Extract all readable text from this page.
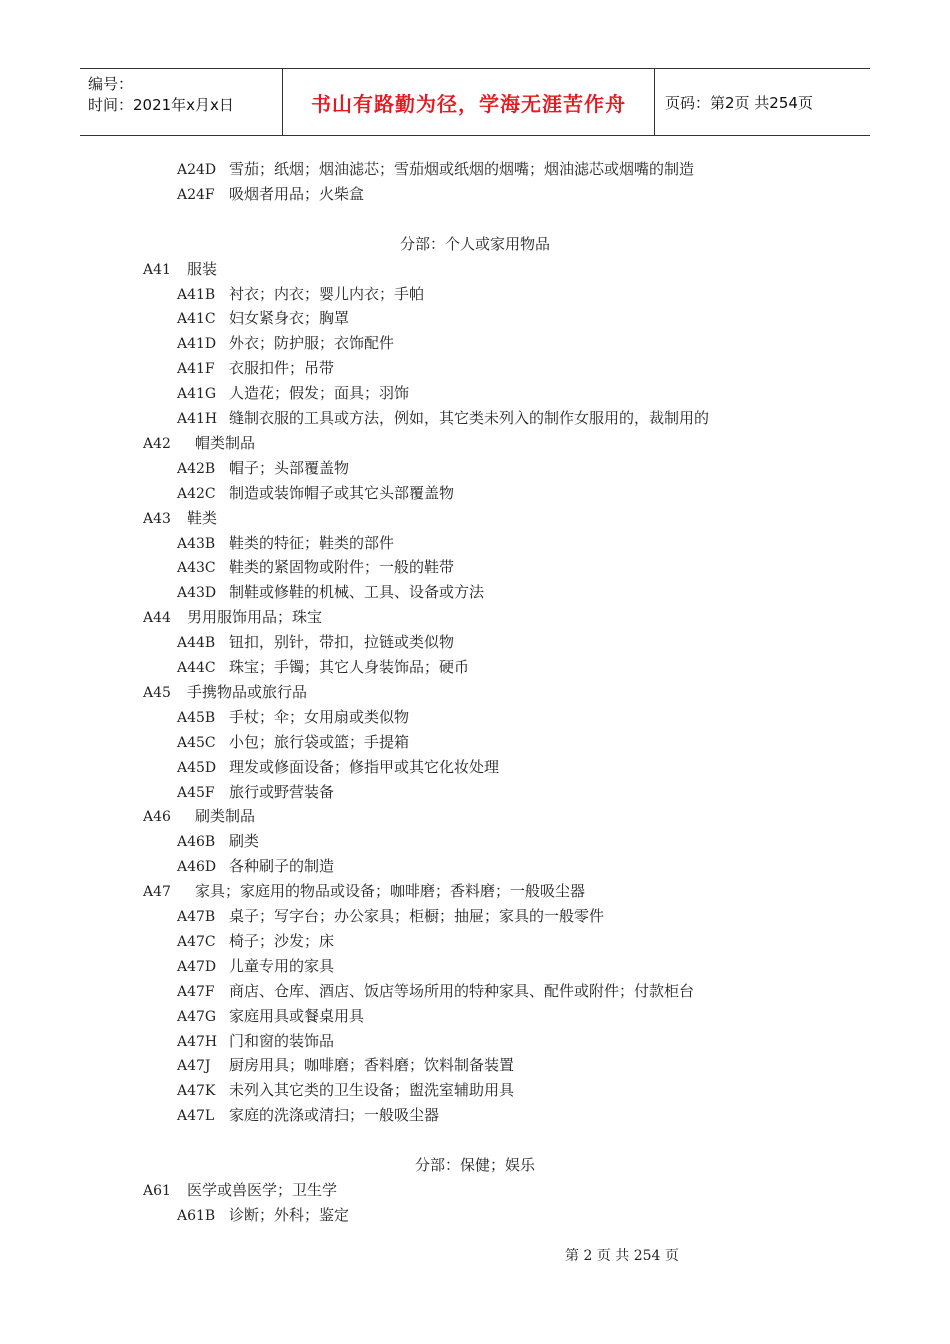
编号：
时间：2021年x月x日	书山有路勤为径，学海无涯苦作舟	页码：第2页 共254页
A24D 雪茄；纸烟；烟油滤芯；雪茄烟或纸烟的烟嘴；烟油滤芯或烟嘴的制造
A24F 吸烟者用品；火柴盒
分部：个人或家用物品
A41 服装
A41B 衬衣；内衣；婴儿内衣；手帕
A41C 妇女紧身衣；胸罩
A41D 外衣；防护服；衣饰配件
A41F 衣服扣件；吊带
A41G 人造花；假发；面具；羽饰
A41H 缝制衣服的工具或方法，例如，其它类未列入的制作女服用的，裁制用的
A42 帽类制品
A42B 帽子；头部覆盖物
A42C 制造或装饰帽子或其它头部覆盖物
A43 鞋类
A43B 鞋类的特征；鞋类的部件
A43C 鞋类的紧固物或附件；一般的鞋带
A43D 制鞋或修鞋的机械、工具、设备或方法
A44 男用服饰用品；珠宝
A44B 钮扣，别针，带扣，拉链或类似物
A44C 珠宝；手镯；其它人身装饰品；硬币
A45 手携物品或旅行品
A45B 手杖；伞；女用扇或类似物
A45C 小包；旅行袋或篮；手提箱
A45D 理发或修面设备；修指甲或其它化妆处理
A45F 旅行或野营装备
A46 刷类制品
A46B 刷类
A46D 各种刷子的制造
A47 家具；家庭用的物品或设备；咖啡磨；香料磨；一般吸尘器
A47B 桌子；写字台；办公家具；柜橱；抽屉；家具的一般零件
A47C 椅子；沙发；床
A47D 儿童专用的家具
A47F 商店、仓库、酒店、饭店等场所用的特种家具、配件或附件；付款柜台
A47G 家庭用具或餐桌用具
A47H 门和窗的装饰品
A47J 厨房用具；咖啡磨；香料磨；饮料制备装置
A47K 未列入其它类的卫生设备；盥洗室辅助用具
A47L 家庭的洗涤或清扫；一般吸尘器
分部：保健；娱乐
A61 医学或兽医学；卫生学
A61B 诊断；外科；鉴定
第 2 页 共 254 页
